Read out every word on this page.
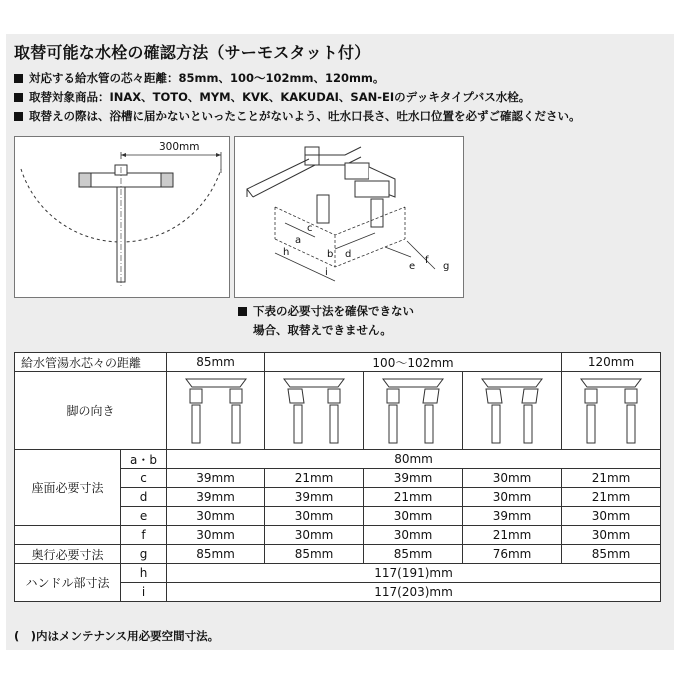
取替可能な水栓の確認方法（サーモスタット付）
対応する給水管の芯々距離：85mm、100〜102mm、120mm。
取替対象商品：INAX、TOTO、MYM、KVK、KAKUDAI、SAN-EIのデッキタイプバス水栓。
取替えの際は、浴槽に届かないといったことがないよう、吐水口長さ、吐水口位置を必ずご確認ください。
300mm
c
a
h	b d
i
e
f
g
下表の必要寸法を確保できない
場合、取替えできません。
給水管湯水芯々の距離		85mm	100〜102mm			120mm
脚の向き					
座面必要寸法	a・b	80mm				
	c	39mm	21mm	39mm	30mm	21mm
	d	39mm	39mm	21mm	30mm	21mm
	e	30mm	30mm	30mm	39mm	30mm
	f	30mm	30mm	30mm	21mm	30mm
奥行必要寸法	g	85mm	85mm	85mm	76mm	85mm
ハンドル部寸法	h	117(191)mm				
	i	117(203)mm				
(　)内はメンテナンス用必要空間寸法。
